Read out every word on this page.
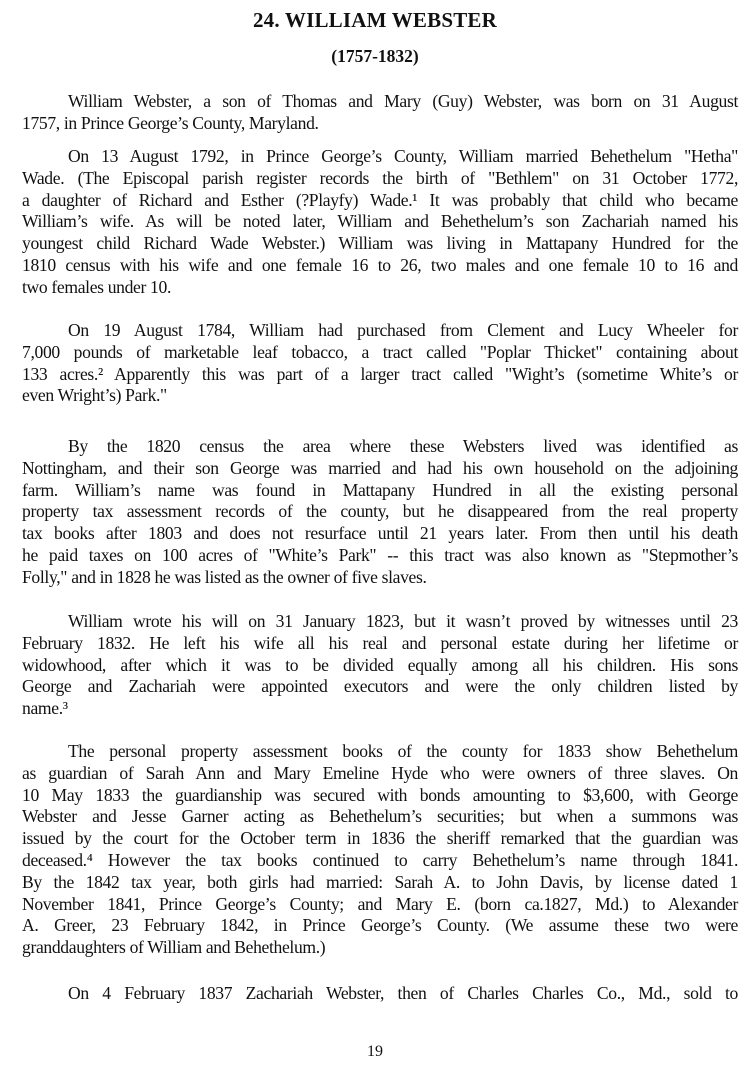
24. WILLIAM WEBSTER
(1757-1832)
William Webster, a son of Thomas and Mary (Guy) Webster, was born on 31 August
1757, in Prince George’s County, Maryland.
On 13 August 1792, in Prince George’s County, William married Behethelum "Hetha"
Wade. (The Episcopal parish register records the birth of "Bethlem" on 31 October 1772,
a daughter of Richard and Esther (?Playfy) Wade.¹ It was probably that child who became
William’s wife. As will be noted later, William and Behethelum’s son Zachariah named his
youngest child Richard Wade Webster.) William was living in Mattapany Hundred for the
1810 census with his wife and one female 16 to 26, two males and one female 10 to 16 and
two females under 10.
On 19 August 1784, William had purchased from Clement and Lucy Wheeler for
7,000 pounds of marketable leaf tobacco, a tract called "Poplar Thicket" containing about
133 acres.² Apparently this was part of a larger tract called "Wight’s (sometime White’s or
even Wright’s) Park."
By the 1820 census the area where these Websters lived was identified as
Nottingham, and their son George was married and had his own household on the adjoining
farm. William’s name was found in Mattapany Hundred in all the existing personal
property tax assessment records of the county, but he disappeared from the real property
tax books after 1803 and does not resurface until 21 years later. From then until his death
he paid taxes on 100 acres of "White’s Park" -- this tract was also known as "Stepmother’s
Folly," and in 1828 he was listed as the owner of five slaves.
William wrote his will on 31 January 1823, but it wasn’t proved by witnesses until 23
February 1832. He left his wife all his real and personal estate during her lifetime or
widowhood, after which it was to be divided equally among all his children. His sons
George and Zachariah were appointed executors and were the only children listed by
name.³
The personal property assessment books of the county for 1833 show Behethelum
as guardian of Sarah Ann and Mary Emeline Hyde who were owners of three slaves. On
10 May 1833 the guardianship was secured with bonds amounting to $3,600, with George
Webster and Jesse Garner acting as Behethelum’s securities; but when a summons was
issued by the court for the October term in 1836 the sheriff remarked that the guardian was
deceased.⁴ However the tax books continued to carry Behethelum’s name through 1841.
By the 1842 tax year, both girls had married: Sarah A. to John Davis, by license dated 1
November 1841, Prince George’s County; and Mary E. (born ca.1827, Md.) to Alexander
A. Greer, 23 February 1842, in Prince George’s County. (We assume these two were
granddaughters of William and Behethelum.)
On 4 February 1837 Zachariah Webster, then of Charles Charles Co., Md., sold to
19
